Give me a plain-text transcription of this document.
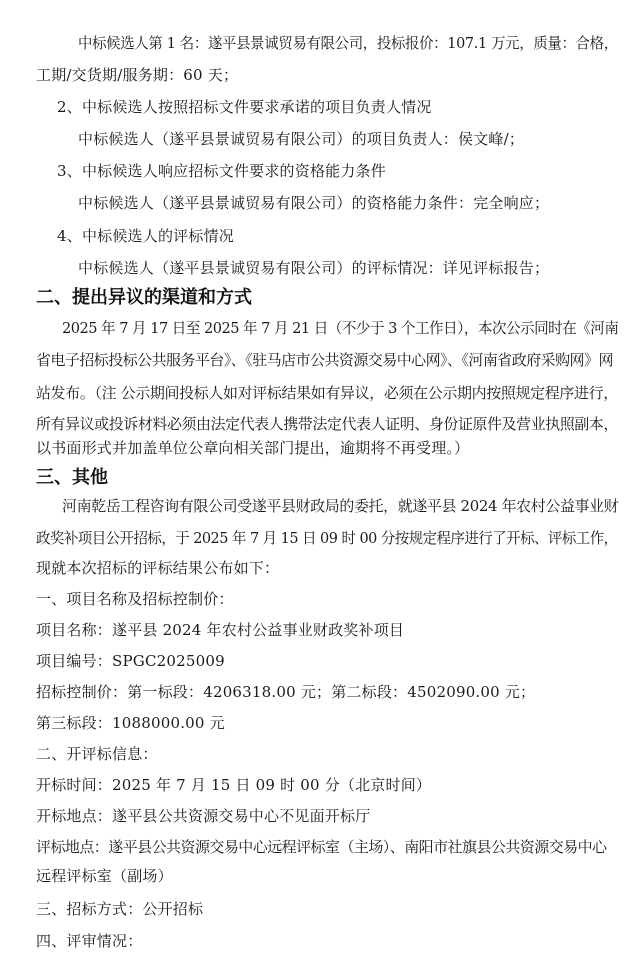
中标候选人第 1 名：遂平县景诚贸易有限公司，投标报价：107.1 万元，质量：合格，
工期/交货期/服务期：60 天；
2、中标候选人按照招标文件要求承诺的项目负责人情况
中标候选人（遂平县景诚贸易有限公司）的项目负责人：侯文峰/；
3、中标候选人响应招标文件要求的资格能力条件
中标候选人（遂平县景诚贸易有限公司）的资格能力条件：完全响应；
4、中标候选人的评标情况
中标候选人（遂平县景诚贸易有限公司）的评标情况：详见评标报告；
二、提出异议的渠道和方式
2025 年 7 月 17 日至 2025 年 7 月 21 日（不少于 3 个工作日），本次公示同时在《河南
省电子招标投标公共服务平台》、《驻马店市公共资源交易中心网》、《河南省政府采购网》网
站发布。（注 公示期间投标人如对评标结果如有异议，必须在公示期内按照规定程序进行，
所有异议或投诉材料必须由法定代表人携带法定代表人证明、身份证原件及营业执照副本，
以书面形式并加盖单位公章向相关部门提出，逾期将不再受理。）
三、其他
河南乾岳工程咨询有限公司受遂平县财政局的委托，就遂平县 2024 年农村公益事业财
政奖补项目公开招标，于 2025 年 7 月 15 日 09 时 00 分按规定程序进行了开标、评标工作，
现就本次招标的评标结果公布如下：
一、项目名称及招标控制价：
项目名称：遂平县 2024 年农村公益事业财政奖补项目
项目编号：SPGC2025009
招标控制价：第一标段：4206318.00 元；第二标段：4502090.00 元；
第三标段：1088000.00 元
二、开评标信息：
开标时间：2025 年 7 月 15 日 09 时 00 分（北京时间）
开标地点：遂平县公共资源交易中心不见面开标厅
评标地点：遂平县公共资源交易中心远程评标室（主场）、南阳市社旗县公共资源交易中心
远程评标室（副场）
三、招标方式：公开招标
四、评审情况：
